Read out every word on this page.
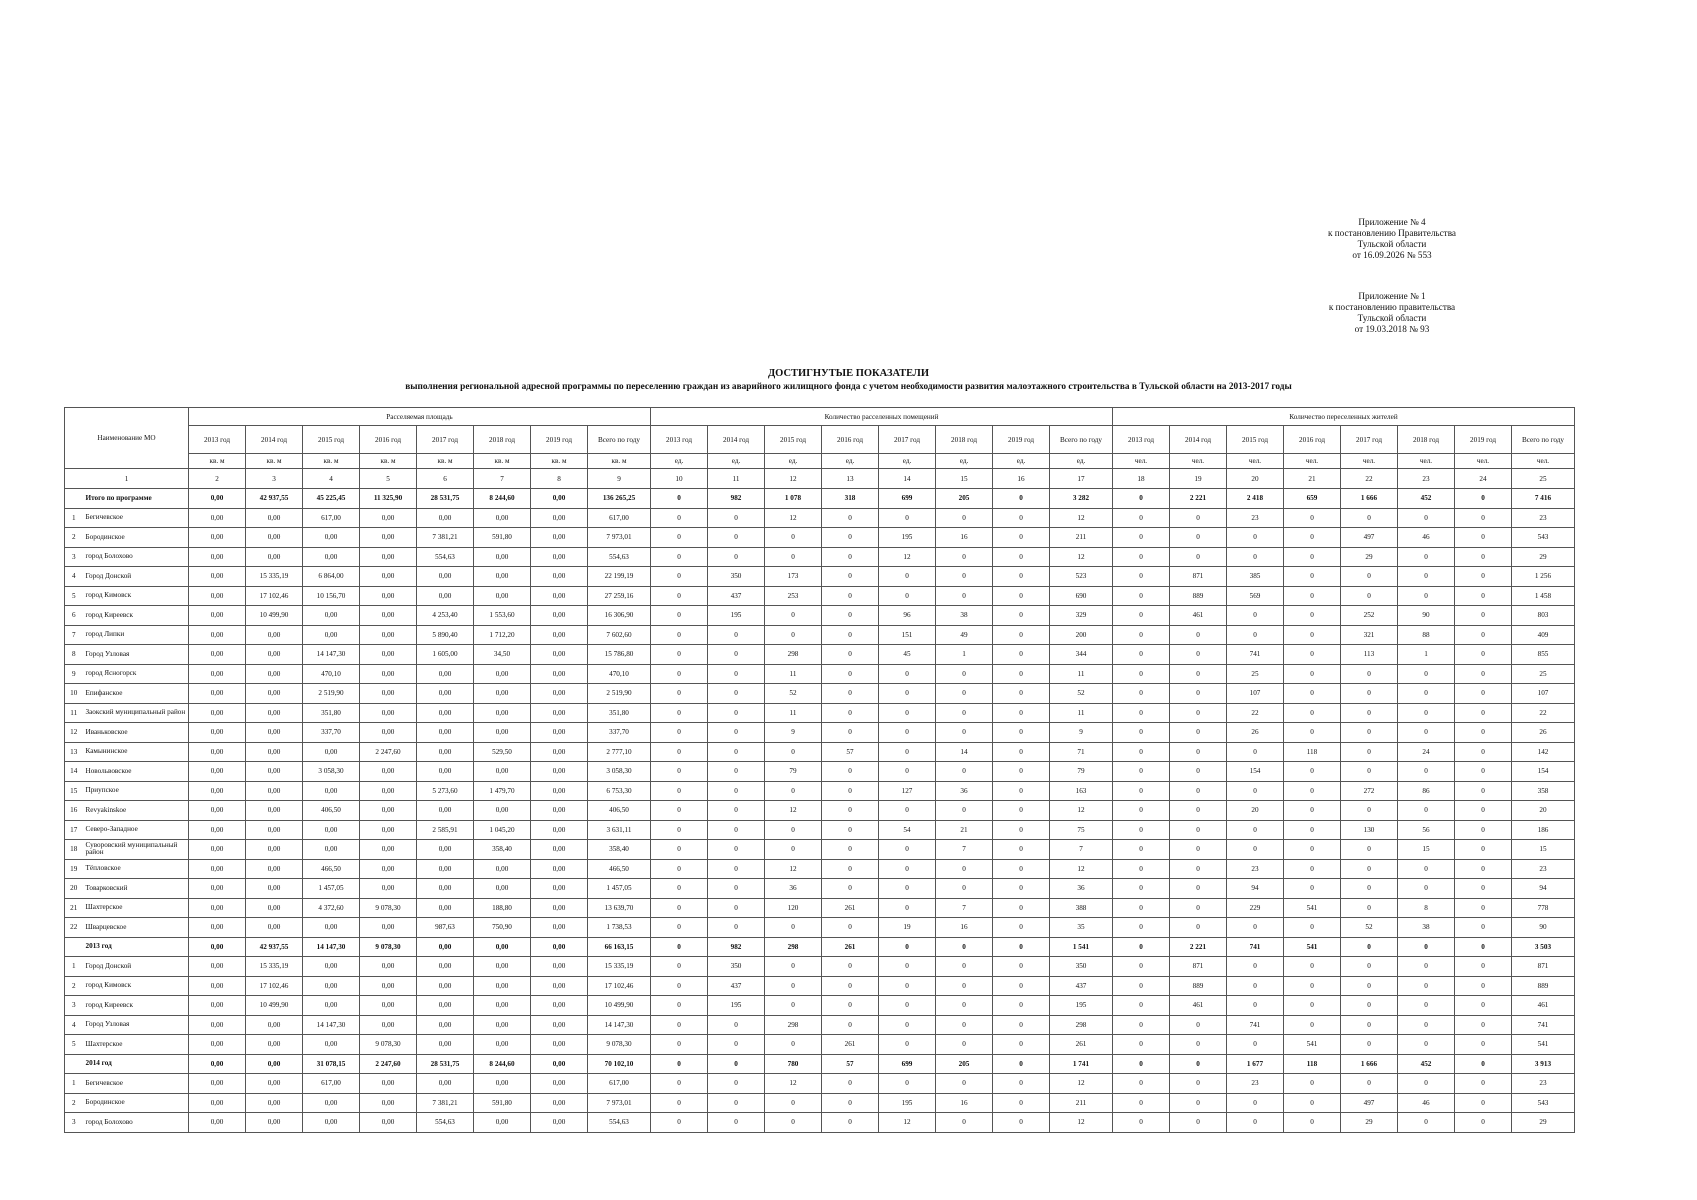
Приложение № 4
к постановлению Правительства
Тульской области
от 16.09.2026 № 553
Приложение № 1
к постановлению правительства
Тульской области
от 19.03.2018 № 93
ДОСТИГНУТЫЕ ПОКАЗАТЕЛИ
выполнения региональной адресной программы по переселению граждан из аварийного жилищного фонда с учетом необходимости развития малоэтажного строительства в Тульской области на 2013-2017 годы
Наименование МО		Расселяемая площадь								Количество расселенных помещений								Количество переселенных жителей							
		2013 год	2014 год	2015 год	2016 год	2017 год	2018 год	2019 год	Всего по году	2013 год	2014 год	2015 год	2016 год	2017 год	2018 год	2019 год	Всего по году	2013 год	2014 год	2015 год	2016 год	2017 год	2018 год	2019 год	Всего по году
		кв. м	кв. м	кв. м	кв. м	кв. м	кв. м	кв. м	кв. м	ед.	ед.	ед.	ед.	ед.	ед.	ед.	ед.	чел.	чел.	чел.	чел.	чел.	чел.	чел.	чел.
1		2	3	4	5	6	7	8	9	10	11	12	13	14	15	16	17	18	19	20	21	22	23	24	25
	Итого по программе	0,00	42 937,55	45 225,45	11 325,90	28 531,75	8 244,60	0,00	136 265,25	0	982	1 078	318	699	205	0	3 282	0	2 221	2 418	659	1 666	452	0	7 416
1	Бегичевское	0,00	0,00	617,00	0,00	0,00	0,00	0,00	617,00	0	0	12	0	0	0	0	12	0	0	23	0	0	0	0	23
2	Бородинское	0,00	0,00	0,00	0,00	7 381,21	591,80	0,00	7 973,01	0	0	0	0	195	16	0	211	0	0	0	0	497	46	0	543
3	город Болохово	0,00	0,00	0,00	0,00	554,63	0,00	0,00	554,63	0	0	0	0	12	0	0	12	0	0	0	0	29	0	0	29
4	Город Донской	0,00	15 335,19	6 864,00	0,00	0,00	0,00	0,00	22 199,19	0	350	173	0	0	0	0	523	0	871	385	0	0	0	0	1 256
5	город Кимовск	0,00	17 102,46	10 156,70	0,00	0,00	0,00	0,00	27 259,16	0	437	253	0	0	0	0	690	0	889	569	0	0	0	0	1 458
6	город Киреевск	0,00	10 499,90	0,00	0,00	4 253,40	1 553,60	0,00	16 306,90	0	195	0	0	96	38	0	329	0	461	0	0	252	90	0	803
7	город Липки	0,00	0,00	0,00	0,00	5 890,40	1 712,20	0,00	7 602,60	0	0	0	0	151	49	0	200	0	0	0	0	321	88	0	409
8	Город Узловая	0,00	0,00	14 147,30	0,00	1 605,00	34,50	0,00	15 786,80	0	0	298	0	45	1	0	344	0	0	741	0	113	1	0	855
9	город Ясногорск	0,00	0,00	470,10	0,00	0,00	0,00	0,00	470,10	0	0	11	0	0	0	0	11	0	0	25	0	0	0	0	25
10	Епифанское	0,00	0,00	2 519,90	0,00	0,00	0,00	0,00	2 519,90	0	0	52	0	0	0	0	52	0	0	107	0	0	0	0	107
11	Заокский муниципальный район	0,00	0,00	351,80	0,00	0,00	0,00	0,00	351,80	0	0	11	0	0	0	0	11	0	0	22	0	0	0	0	22
12	Иваньковское	0,00	0,00	337,70	0,00	0,00	0,00	0,00	337,70	0	0	9	0	0	0	0	9	0	0	26	0	0	0	0	26
13	Камынинское	0,00	0,00	0,00	2 247,60	0,00	529,50	0,00	2 777,10	0	0	0	57	0	14	0	71	0	0	0	118	0	24	0	142
14	Новольвовское	0,00	0,00	3 058,30	0,00	0,00	0,00	0,00	3 058,30	0	0	79	0	0	0	0	79	0	0	154	0	0	0	0	154
15	Приупское	0,00	0,00	0,00	0,00	5 273,60	1 479,70	0,00	6 753,30	0	0	0	0	127	36	0	163	0	0	0	0	272	86	0	358
16	Revyakinskoe	0,00	0,00	406,50	0,00	0,00	0,00	0,00	406,50	0	0	12	0	0	0	0	12	0	0	20	0	0	0	0	20
17	Северо-Западное	0,00	0,00	0,00	0,00	2 585,91	1 045,20	0,00	3 631,11	0	0	0	0	54	21	0	75	0	0	0	0	130	56	0	186
18	Суворовский муниципальный район	0,00	0,00	0,00	0,00	0,00	358,40	0,00	358,40	0	0	0	0	0	7	0	7	0	0	0	0	0	15	0	15
19	Тёпловское	0,00	0,00	466,50	0,00	0,00	0,00	0,00	466,50	0	0	12	0	0	0	0	12	0	0	23	0	0	0	0	23
20	Товарковский	0,00	0,00	1 457,05	0,00	0,00	0,00	0,00	1 457,05	0	0	36	0	0	0	0	36	0	0	94	0	0	0	0	94
21	Шахтерское	0,00	0,00	4 372,60	9 078,30	0,00	188,80	0,00	13 639,70	0	0	120	261	0	7	0	388	0	0	229	541	0	8	0	778
22	Шварцевское	0,00	0,00	0,00	0,00	987,63	750,90	0,00	1 738,53	0	0	0	0	19	16	0	35	0	0	0	0	52	38	0	90
	2013 год	0,00	42 937,55	14 147,30	9 078,30	0,00	0,00	0,00	66 163,15	0	982	298	261	0	0	0	1 541	0	2 221	741	541	0	0	0	3 503
1	Город Донской	0,00	15 335,19	0,00	0,00	0,00	0,00	0,00	15 335,19	0	350	0	0	0	0	0	350	0	871	0	0	0	0	0	871
2	город Кимовск	0,00	17 102,46	0,00	0,00	0,00	0,00	0,00	17 102,46	0	437	0	0	0	0	0	437	0	889	0	0	0	0	0	889
3	город Киреевск	0,00	10 499,90	0,00	0,00	0,00	0,00	0,00	10 499,90	0	195	0	0	0	0	0	195	0	461	0	0	0	0	0	461
4	Город Узловая	0,00	0,00	14 147,30	0,00	0,00	0,00	0,00	14 147,30	0	0	298	0	0	0	0	298	0	0	741	0	0	0	0	741
5	Шахтерское	0,00	0,00	0,00	9 078,30	0,00	0,00	0,00	9 078,30	0	0	0	261	0	0	0	261	0	0	0	541	0	0	0	541
	2014 год	0,00	0,00	31 078,15	2 247,60	28 531,75	8 244,60	0,00	70 102,10	0	0	780	57	699	205	0	1 741	0	0	1 677	118	1 666	452	0	3 913
1	Бегичевское	0,00	0,00	617,00	0,00	0,00	0,00	0,00	617,00	0	0	12	0	0	0	0	12	0	0	23	0	0	0	0	23
2	Бородинское	0,00	0,00	0,00	0,00	7 381,21	591,80	0,00	7 973,01	0	0	0	0	195	16	0	211	0	0	0	0	497	46	0	543
3	город Болохово	0,00	0,00	0,00	0,00	554,63	0,00	0,00	554,63	0	0	0	0	12	0	0	12	0	0	0	0	29	0	0	29
